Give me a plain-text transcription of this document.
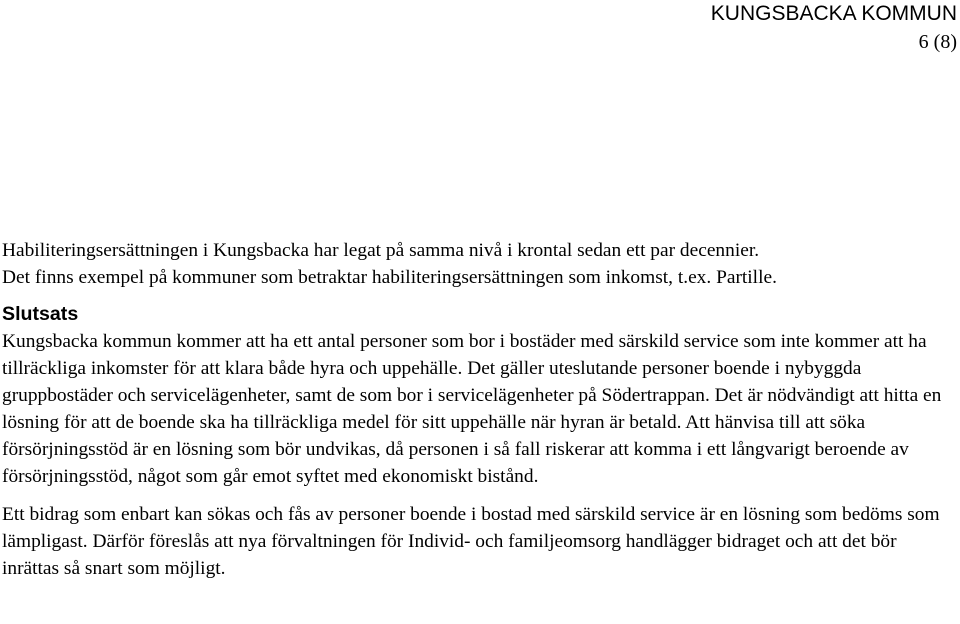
KUNGSBACKA KOMMUN
6 (8)

Habiliteringsersättningen i Kungsbacka har legat på samma nivå i krontal sedan ett par decennier.

Det finns exempel på kommuner som betraktar habiliteringsersättningen som inkomst, t.ex. Partille.

Slutsats

Kungsbacka kommun kommer att ha ett antal personer som bor i bostäder med särskild service som inte kommer att ha tillräckliga inkomster för att klara både hyra och uppehälle. Det gäller uteslutande personer boende i nybyggda gruppbostäder och servicelägenheter, samt de som bor i servicelägenheter på Södertrappan. Det är nödvändigt att hitta en lösning för att de boende ska ha tillräckliga medel för sitt uppehälle när hyran är betald. Att hänvisa till att söka försörjningsstöd är en lösning som bör undvikas, då personen i så fall riskerar att komma i ett långvarigt beroende av försörjningsstöd, något som går emot syftet med ekonomiskt bistånd.

Ett bidrag som enbart kan sökas och fås av personer boende i bostad med särskild service är en lösning som bedöms som lämpligast. Därför föreslås att nya förvaltningen för Individ- och familjeomsorg handlägger bidraget och att det bör inrättas så snart som möjligt.
